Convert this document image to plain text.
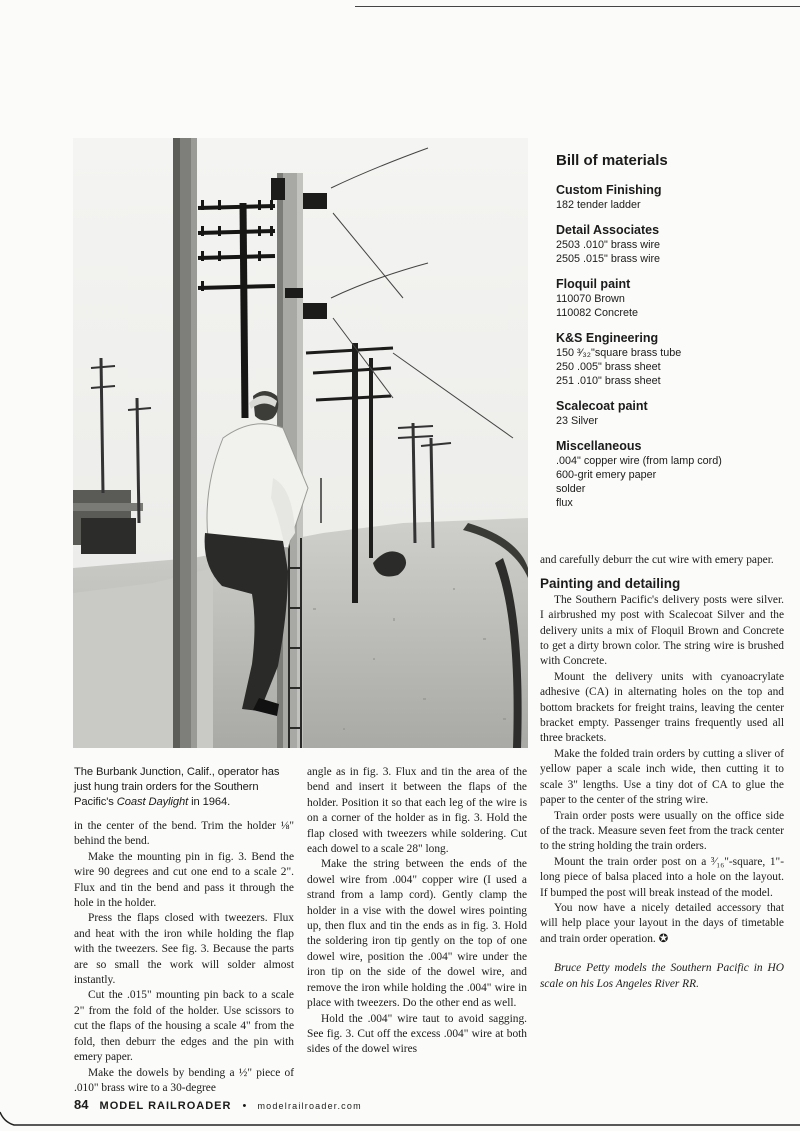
The Burbank Junction, Calif., operator has just hung train orders for the Southern Pacific's Coast Daylight in 1964.

in the center of the bend. Trim the holder ⅛" behind the bend.

Make the mounting pin in fig. 3. Bend the wire 90 degrees and cut one end to a scale 2". Flux and tin the bend and pass it through the hole in the holder.

Press the flaps closed with tweezers. Flux and heat with the iron while holding the flap with the tweezers. See fig. 3. Because the parts are so small the work will solder almost instantly.

Cut the .015" mounting pin back to a scale 2" from the fold of the holder. Use scissors to cut the flaps of the housing a scale 4" from the fold, then deburr the edges and the pin with emery paper.

Make the dowels by bending a ½" piece of .010" brass wire to a 30-degree

angle as in fig. 3. Flux and tin the area of the bend and insert it between the flaps of the holder. Position it so that each leg of the wire is on a corner of the holder as in fig. 3. Hold the flap closed with tweezers while soldering. Cut each dowel to a scale 28" long.

Make the string between the ends of the dowel wire from .004" copper wire (I used a strand from a lamp cord). Gently clamp the holder in a vise with the dowel wires pointing up, then flux and tin the ends as in fig. 3. Hold the soldering iron tip gently on the top of one dowel wire, position the .004" wire under the iron tip on the side of the dowel wire, and remove the iron while holding the .004" wire in place with tweezers. Do the other end as well.

Hold the .004" wire taut to avoid sagging. See fig. 3. Cut off the excess .004" wire at both sides of the dowel wires

Bill of materials
Custom Finishing
182 tender ladder
Detail Associates
2503 .010" brass wire
2505 .015" brass wire
Floquil paint
110070 Brown
110082 Concrete
K&S Engineering
150 ³⁄₃₂"square brass tube
250 .005" brass sheet
251 .010" brass sheet
Scalecoat paint
23 Silver
Miscellaneous
.004" copper wire (from lamp cord)
600-grit emery paper
solder
flux

and carefully deburr the cut wire with emery paper.

Painting and detailing

The Southern Pacific's delivery posts were silver. I airbrushed my post with Scalecoat Silver and the delivery units a mix of Floquil Brown and Concrete to get a dirty brown color. The string wire is brushed with Concrete.

Mount the delivery units with cyanoacrylate adhesive (CA) in alternating holes on the top and bottom brackets for freight trains, leaving the center bracket empty. Passenger trains frequently used all three brackets.

Make the folded train orders by cutting a sliver of yellow paper a scale inch wide, then cutting it to scale 3" lengths. Use a tiny dot of CA to glue the paper to the center of the string wire.

Train order posts were usually on the office side of the track. Measure seven feet from the track center to the string holding the train orders.

Mount the train order post on a ³⁄₁₆"-square, 1"-long piece of balsa placed into a hole on the layout. If bumped the post will break instead of the model.

You now have a nicely detailed accessory that will help place your layout in the days of timetable and train order operation. ✪

Bruce Petty models the Southern Pacific in HO scale on his Los Angeles River RR.

84 MODEL RAILROADER • modelrailroader.com
